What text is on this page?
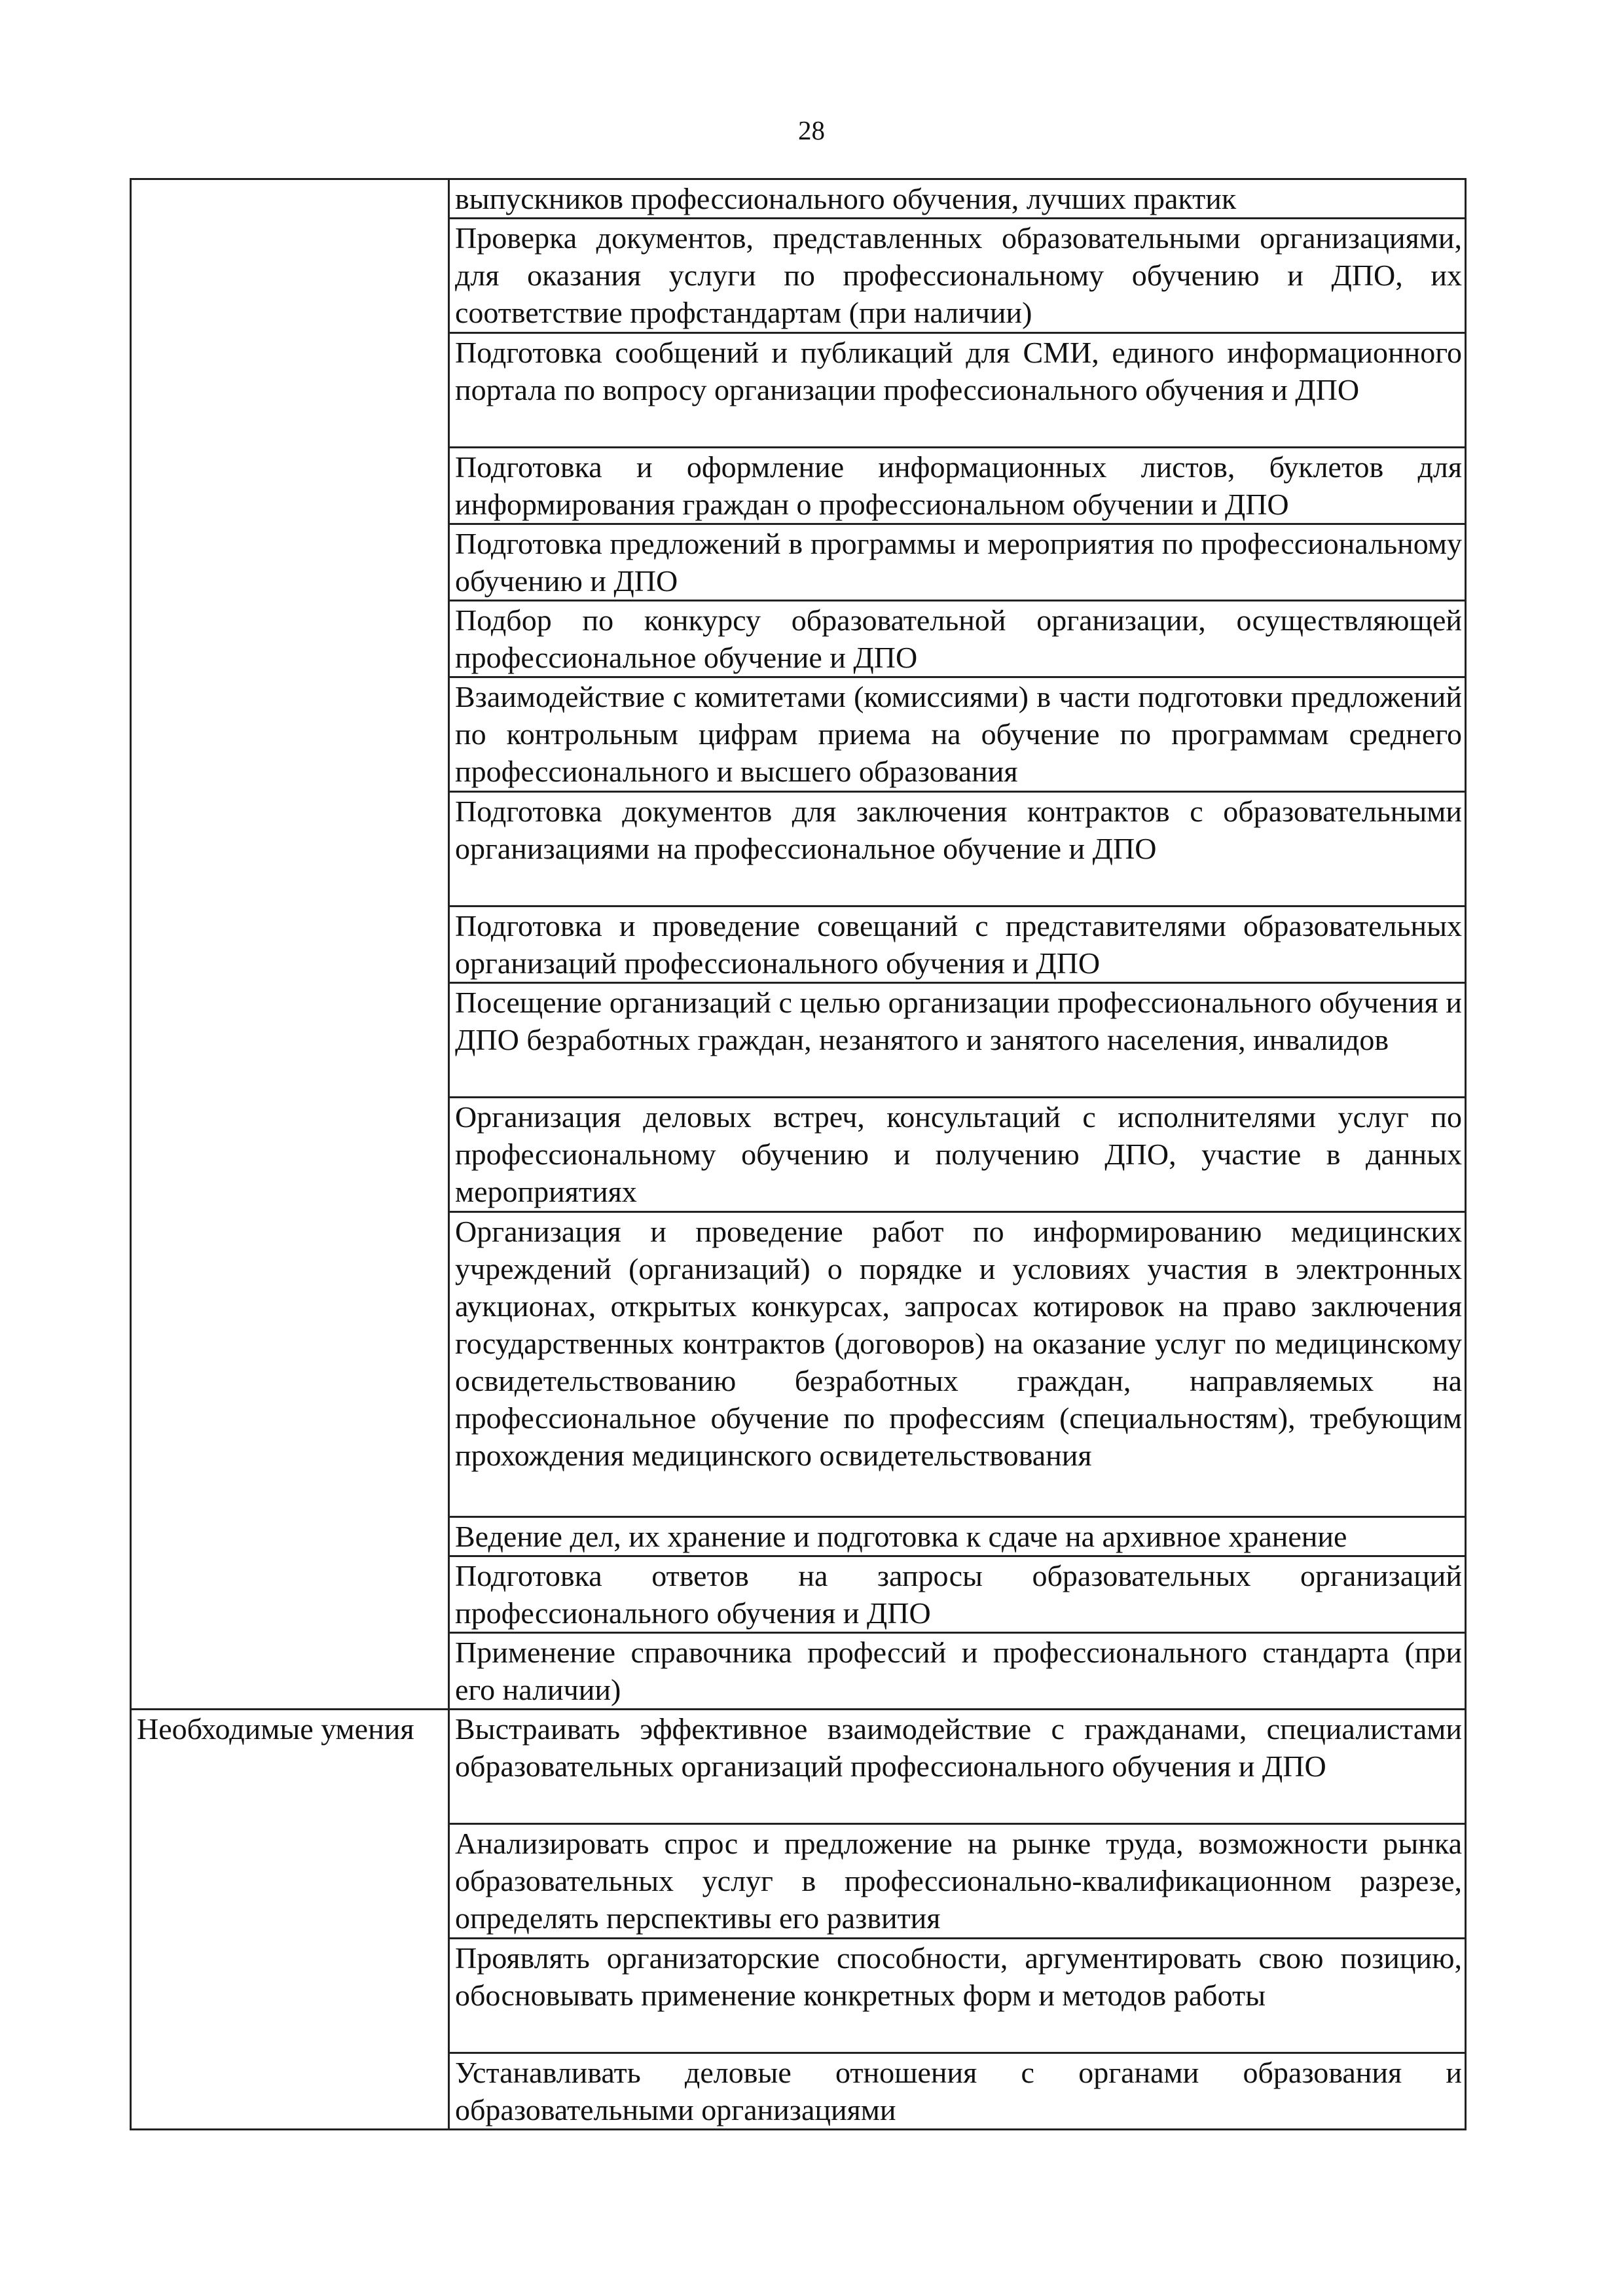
28
	выпускников профессионального обучения, лучших практик
	Проверка документов, представленных образовательными организациями, для оказания услуги по профессиональному обучению и ДПО, их соответствие профстандартам (при наличии)
	Подготовка сообщений и публикаций для СМИ, единого информационного портала по вопросу организации профессионального обучения и ДПО
	Подготовка и оформление информационных листов, буклетов для информирования граждан о профессиональном обучении и ДПО
	Подготовка предложений в программы и мероприятия по профессиональному обучению и ДПО
	Подбор по конкурсу образовательной организации, осуществляющей профессиональное обучение и ДПО
	Взаимодействие с комитетами (комиссиями) в части подготовки предложений по контрольным цифрам приема на обучение по программам среднего профессионального и высшего образования
	Подготовка документов для заключения контрактов с образовательными организациями на профессиональное обучение и ДПО
	Подготовка и проведение совещаний с представителями образовательных организаций профессионального обучения и ДПО
	Посещение организаций с целью организации профессионального обучения и ДПО безработных граждан, незанятого и занятого населения, инвалидов
	Организация деловых встреч, консультаций с исполнителями услуг по профессиональному обучению и получению ДПО, участие в данных мероприятиях
	Организация и проведение работ по информированию медицинских учреждений (организаций) о порядке и условиях участия в электронных аукционах, открытых конкурсах, запросах котировок на право заключения государственных контрактов (договоров) на оказание услуг по медицинскому освидетельствованию безработных граждан, направляемых на профессиональное обучение по профессиям (специальностям), требующим прохождения медицинского освидетельствования
	Ведение дел, их хранение и подготовка к сдаче на архивное хранение
	Подготовка ответов на запросы образовательных организаций профессионального обучения и ДПО
	Применение справочника профессий и профессионального стандарта (при его наличии)
Необходимые умения	Выстраивать эффективное взаимодействие с гражданами, специалистами образовательных организаций профессионального обучения и ДПО
	Анализировать спрос и предложение на рынке труда, возможности рынка образовательных услуг в профессионально-квалификационном разрезе, определять перспективы его развития
	Проявлять организаторские способности, аргументировать свою позицию, обосновывать применение конкретных форм и методов работы
	Устанавливать деловые отношения с органами образования и образовательными организациями
